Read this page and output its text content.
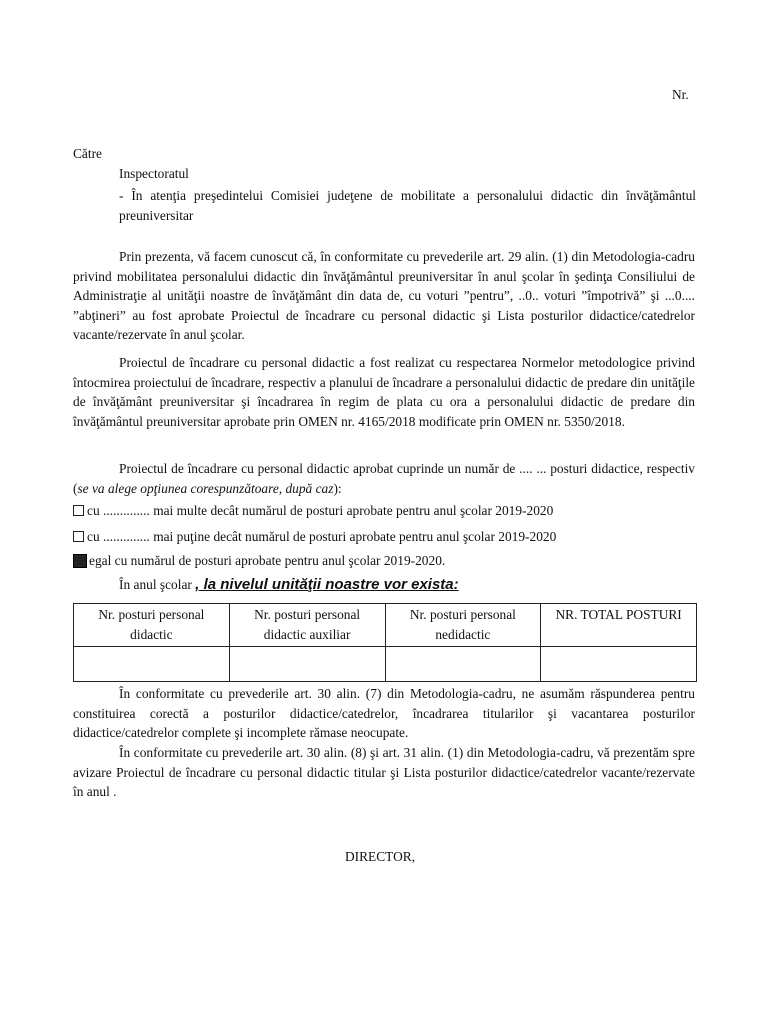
Nr.
Către
Inspectoratul
- În atenţia preşedintelui Comisiei judeţene de mobilitate a personalului didactic din învăţământul preuniversitar

Prin prezenta, vă facem cunoscut că, în conformitate cu prevederile art. 29 alin. (1) din Metodologia-cadru privind mobilitatea personalului didactic din învăţământul preuniversitar în anul şcolar în şedinţa Consiliului de Administraţie al unităţii noastre de învăţământ din data de, cu voturi ”pentru”, ..0.. voturi ”împotrivă” şi ...0.... ”abţineri” au fost aprobate Proiectul de încadrare cu personal didactic şi Lista posturilor didactice/catedrelor vacante/rezervate în anul şcolar.

Proiectul de încadrare cu personal didactic a fost realizat cu respectarea Normelor metodologice privind întocmirea proiectului de încadrare, respectiv a planului de încadrare a personalului didactic de predare din unităţile de învăţământ preuniversitar şi încadrarea în regim de plata cu ora a personalului didactic de predare din învăţământul preuniversitar aprobate prin OMEN nr. 4165/2018 modificate prin OMEN nr. 5350/2018.

Proiectul de încadrare cu personal didactic aprobat cuprinde un număr de .... ... posturi didactice, respectiv (se va alege opţiunea corespunzătoare, după caz):

cu .............. mai multe decât numărul de posturi aprobate pentru anul şcolar 2019-2020
cu .............. mai puţine decât numărul de posturi aprobate pentru anul şcolar 2019-2020
egal cu numărul de posturi aprobate pentru anul şcolar 2019-2020.
În anul şcolar , la nivelul unităţii noastre vor exista:
Nr. posturi personal didactic	Nr. posturi personal didactic auxiliar	Nr. posturi personal nedidactic	NR. TOTAL POSTURI

În conformitate cu prevederile art. 30 alin. (7) din Metodologia-cadru, ne asumăm răspunderea pentru constituirea corectă a posturilor didactice/catedrelor, încadrarea titularilor şi vacantarea posturilor didactice/catedrelor complete şi incomplete rămase neocupate.

În conformitate cu prevederile art. 30 alin. (8) şi art. 31 alin. (1) din Metodologia-cadru, vă prezentăm spre avizare Proiectul de încadrare cu personal didactic titular şi Lista posturilor didactice/catedrelor vacante/rezervate în anul .

DIRECTOR,
